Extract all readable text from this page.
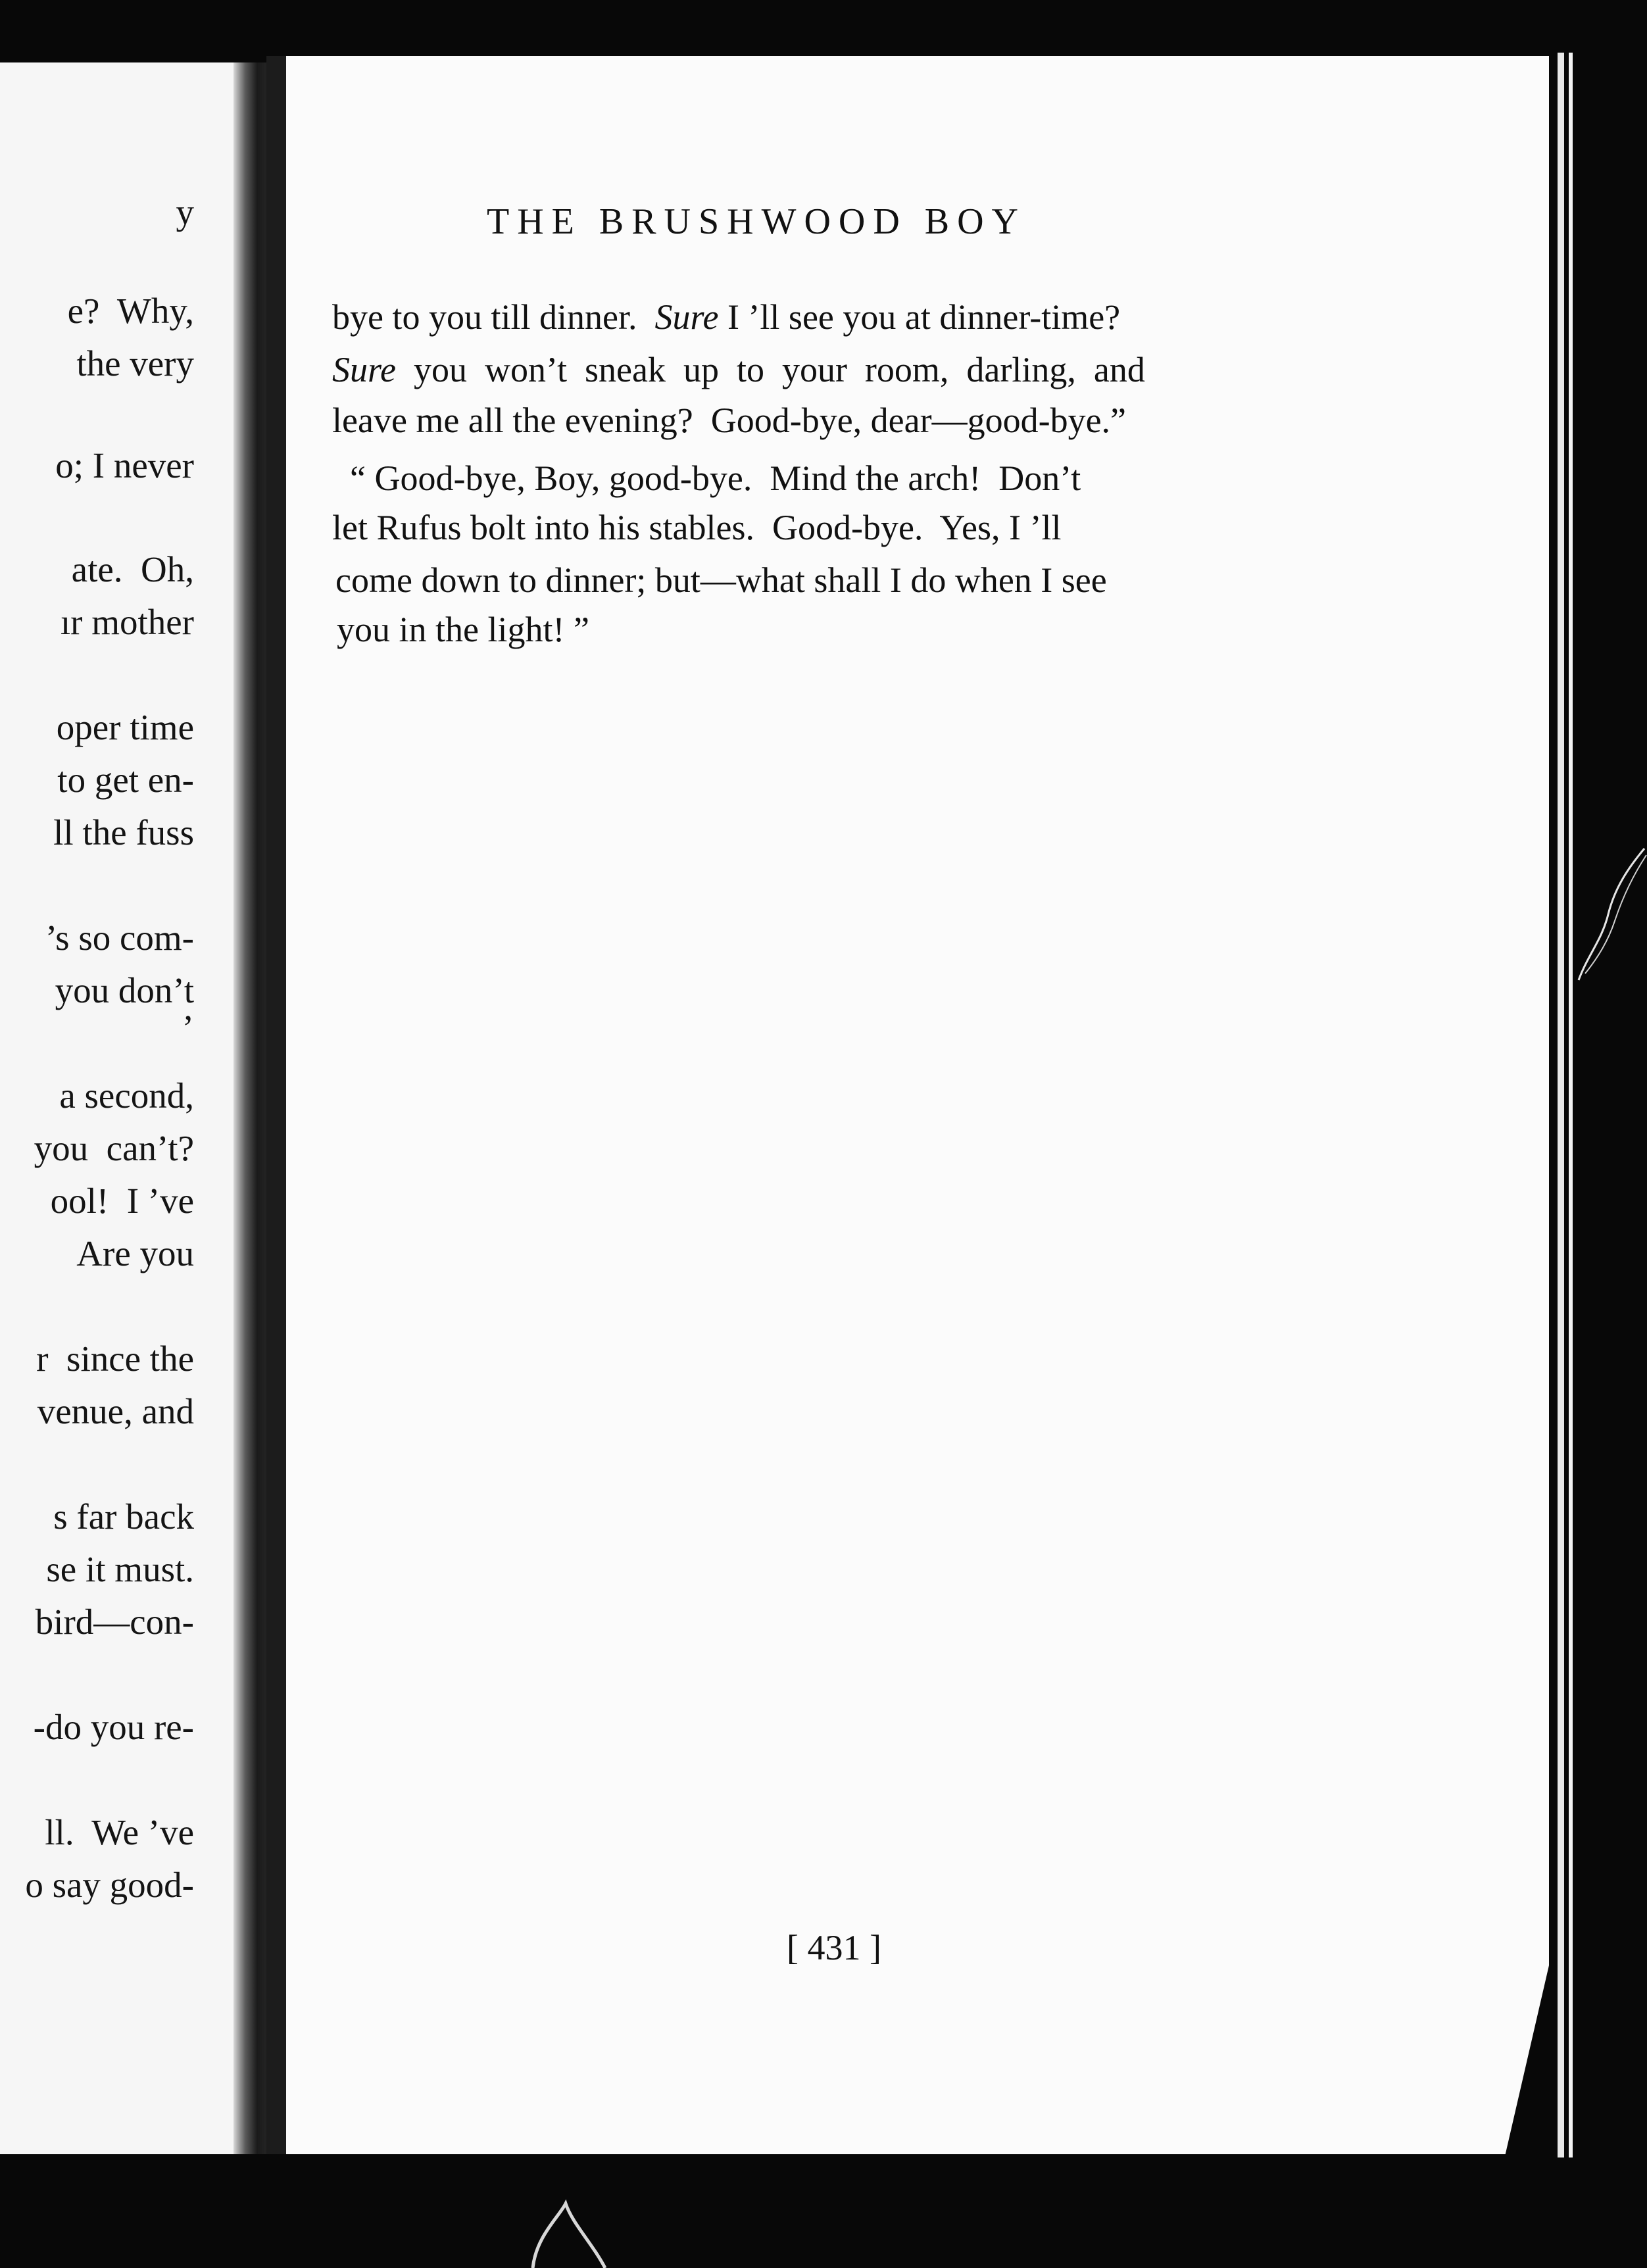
y
e?  Why,
the very
o; I never
ate.  Oh,
ır mother
oper time
to get en-
ll the fuss
’s so com-
you don’t
’
a second,
you  can’t?
ool!  I ’ve
Are you
r  since the
venue, and
s far back
se it must.
bird—con-
-do you re-
ll.  We ’ve
o say good-
THE BRUSHWOOD BOY
bye to you till dinner.  Sure I ’ll see you at dinner-time?
Sure  you  won’t  sneak  up  to  your  room,  darling,  and
leave me all the evening?  Good-bye, dear—good-bye.”
“ Good-bye, Boy, good-bye.  Mind the arch!  Don’t
let Rufus bolt into his stables.  Good-bye.  Yes, I ’ll
come down to dinner; but—what shall I do when I see
you in the light! ”
[ 431 ]
